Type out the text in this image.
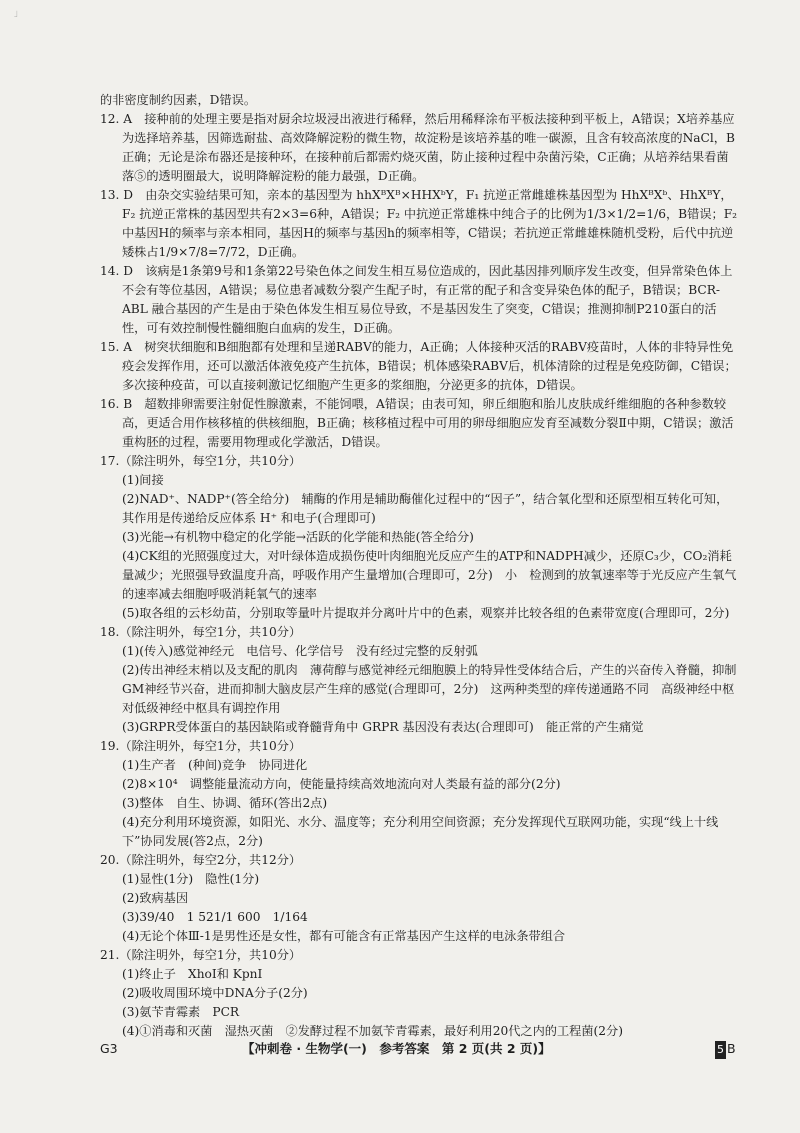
」

的非密度制约因素，D错误。

12. A　接种前的处理主要是指对厨余垃圾浸出液进行稀释，然后用稀释涂布平板法接种到平板上，A错误；X培养基应为选择培养基，因筛选耐盐、高效降解淀粉的微生物，故淀粉是该培养基的唯一碳源，且含有较高浓度的NaCl，B正确；无论是涂布器还是接种环，在接种前后都需灼烧灭菌，防止接种过程中杂菌污染，C正确；从培养结果看菌落⑤的透明圈最大，说明降解淀粉的能力最强，D正确。

13. D　由杂交实验结果可知，亲本的基因型为 hhXᴮXᴮ×HHXᵇY，F₁ 抗逆正常雌雄株基因型为 HhXᴮXᵇ、HhXᴮY，F₂ 抗逆正常株的基因型共有2×3=6种，A错误；F₂ 中抗逆正常雄株中纯合子的比例为1/3×1/2=1/6，B错误；F₂ 中基因H的频率与亲本相同，基因H的频率与基因h的频率相等，C错误；若抗逆正常雌雄株随机受粉，后代中抗逆矮株占1/9×7/8=7/72，D正确。

14. D　该病是1条第9号和1条第22号染色体之间发生相互易位造成的，因此基因排列顺序发生改变，但异常染色体上不会有等位基因，A错误；易位患者减数分裂产生配子时，有正常的配子和含变异染色体的配子，B错误；BCR-ABL 融合基因的产生是由于染色体发生相互易位导致，不是基因发生了突变，C错误；推测抑制P210蛋白的活性，可有效控制慢性髓细胞白血病的发生，D正确。

15. A　树突状细胞和B细胞都有处理和呈递RABV的能力，A正确；人体接种灭活的RABV疫苗时，人体的非特异性免疫会发挥作用，还可以激活体液免疫产生抗体，B错误；机体感染RABV后，机体清除的过程是免疫防御，C错误；多次接种疫苗，可以直接刺激记忆细胞产生更多的浆细胞，分泌更多的抗体，D错误。

16. B　超数排卵需要注射促性腺激素，不能饲喂，A错误；由表可知，卵丘细胞和胎儿皮肤成纤维细胞的各种参数较高，更适合用作核移植的供核细胞，B正确；核移植过程中可用的卵母细胞应发育至减数分裂Ⅱ中期，C错误；激活重构胚的过程，需要用物理或化学激活，D错误。

17.（除注明外，每空1分，共10分）

(1)间接

(2)NAD⁺、NADP⁺(答全给分)　辅酶的作用是辅助酶催化过程中的“因子”，结合氧化型和还原型相互转化可知，其作用是传递给反应体系 H⁺ 和电子(合理即可)

(3)光能→有机物中稳定的化学能→活跃的化学能和热能(答全给分)

(4)CK组的光照强度过大，对叶绿体造成损伤使叶肉细胞光反应产生的ATP和NADPH减少，还原C₃少，CO₂消耗量减少；光照强导致温度升高，呼吸作用产生量增加(合理即可，2分)　小　检测到的放氧速率等于光反应产生氧气的速率减去细胞呼吸消耗氧气的速率

(5)取各组的云杉幼苗，分别取等量叶片提取并分离叶片中的色素，观察并比较各组的色素带宽度(合理即可，2分)

18.（除注明外，每空1分，共10分）

(1)(传入)感觉神经元　电信号、化学信号　没有经过完整的反射弧

(2)传出神经末梢以及支配的肌肉　薄荷醇与感觉神经元细胞膜上的特异性受体结合后，产生的兴奋传入脊髓，抑制GM神经节兴奋，进而抑制大脑皮层产生痒的感觉(合理即可，2分)　这两种类型的痒传递通路不同　高级神经中枢对低级神经中枢具有调控作用

(3)GRPR受体蛋白的基因缺陷或脊髓背角中 GRPR 基因没有表达(合理即可)　能正常的产生痛觉

19.（除注明外，每空1分，共10分）

(1)生产者　(种间)竞争　协同进化

(2)8×10⁴　调整能量流动方向，使能量持续高效地流向对人类最有益的部分(2分)

(3)整体　自生、协调、循环(答出2点)

(4)充分利用环境资源，如阳光、水分、温度等；充分利用空间资源；充分发挥现代互联网功能，实现“线上十线下”协同发展(答2点，2分)

20.（除注明外，每空2分，共12分）

(1)显性(1分)　隐性(1分)

(2)致病基因

(3)39/40　1 521/1 600　1/164

(4)无论个体Ⅲ-1是男性还是女性，都有可能含有正常基因产生这样的电泳条带组合

21.（除注明外，每空1分，共10分）

(1)终止子　XhoⅠ和 KpnⅠ

(2)吸收周围环境中DNA分子(2分)

(3)氨苄青霉素　PCR

(4)①消毒和灭菌　湿热灭菌　②发酵过程不加氨苄青霉素，最好利用20代之内的工程菌(2分)

G3	【冲刺卷 · 生物学(一)　参考答案　第 2 页(共 2 页)】	5 B
